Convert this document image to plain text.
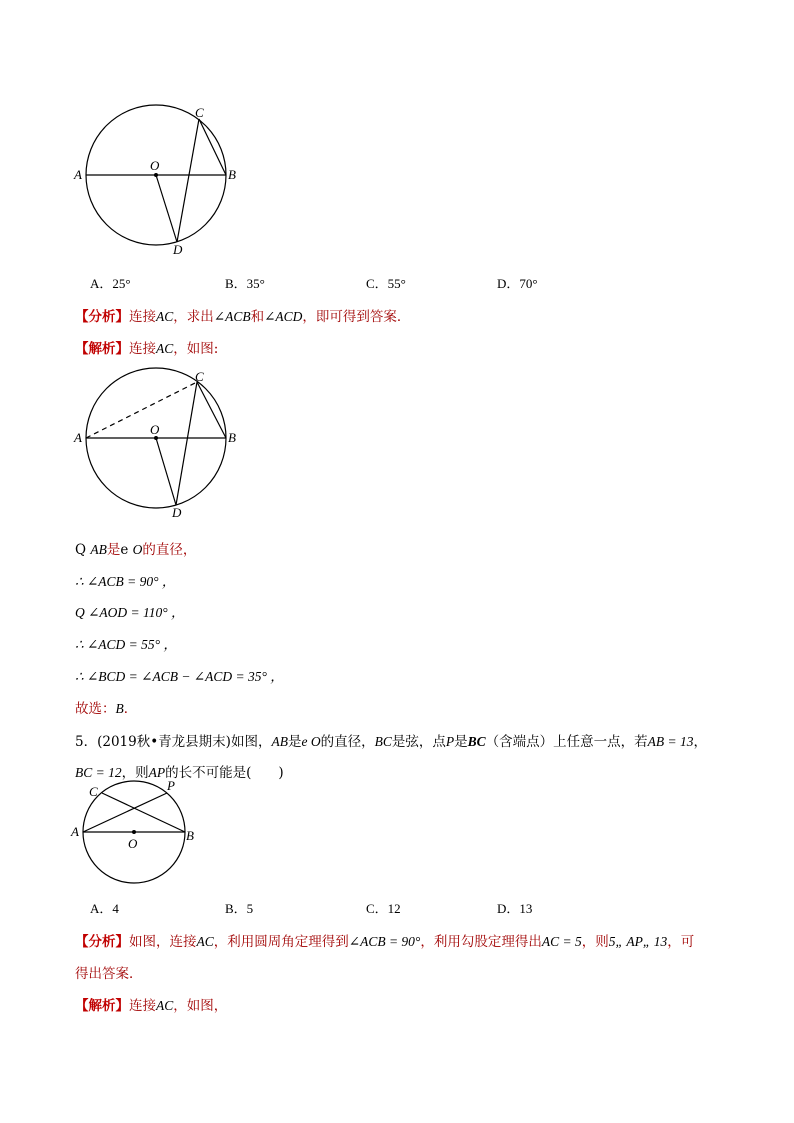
A	B
C
O
D
A．25°	B．35°	C．55°	D．70°
【分析】连接AC，求出∠ACB和∠ACD，即可得到答案．
【解析】连接AC，如图:
A	B
C
O
D
Q AB是e O的直径，
∴ ∠ACB = 90° ，
Q ∠AOD = 110° ，
∴ ∠ACD = 55° ，
∴ ∠BCD = ∠ACB − ∠ACD = 35° ，
故选：B．
5．(2019秋•青龙县期末)如图，AB是e O的直径，BC是弦，点P是BC（含端点）上任意一点，若AB = 13，
BC = 12，则AP的长不可能是(　　)
C	P
A	B
O
A．4	B．5	C．12	D．13
【分析】如图，连接AC，利用圆周角定理得到∠ACB = 90°，利用勾股定理得出AC = 5，则5„ AP„ 13，可
得出答案．
【解析】连接AC，如图，
